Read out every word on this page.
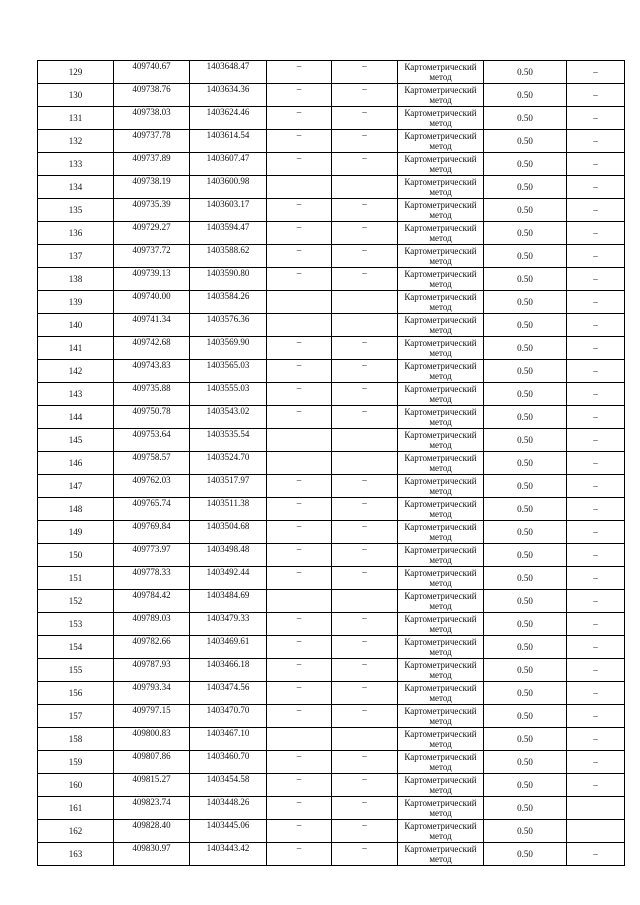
129	409740.67	1403648.47	–	–	Картометрический метод	0.50	–
130	409738.76	1403634.36	–	–	Картометрический метод	0.50	–
131	409738.03	1403624.46	–	–	Картометрический метод	0.50	–
132	409737.78	1403614.54	–	–	Картометрический метод	0.50	–
133	409737.89	1403607.47	–	–	Картометрический метод	0.50	–
134	409738.19	1403600.98			Картометрический метод	0.50	–
135	409735.39	1403603.17	–	–	Картометрический метод	0.50	–
136	409729.27	1403594.47	–	–	Картометрический метод	0.50	–
137	409737.72	1403588.62	–	–	Картометрический метод	0.50	–
138	409739.13	1403590.80	–	–	Картометрический метод	0.50	–
139	409740.00	1403584.26			Картометрический метод	0.50	–
140	409741.34	1403576.36			Картометрический метод	0.50	–
141	409742.68	1403569.90	–	–	Картометрический метод	0.50	–
142	409743.83	1403565.03	–	–	Картометрический метод	0.50	–
143	409735.88	1403555.03	–	–	Картометрический метод	0.50	–
144	409750.78	1403543.02	–	–	Картометрический метод	0.50	–
145	409753.64	1403535.54			Картометрический метод	0.50	–
146	409758.57	1403524.70			Картометрический метод	0.50	–
147	409762.03	1403517.97	–	–	Картометрический метод	0.50	–
148	409765.74	1403511.38	–	–	Картометрический метод	0.50	–
149	409769.84	1403504.68	–	–	Картометрический метод	0.50	–
150	409773.97	1403498.48	–	–	Картометрический метод	0.50	–
151	409778.33	1403492.44	–	–	Картометрический метод	0.50	–
152	409784.42	1403484.69			Картометрический метод	0.50	–
153	409789.03	1403479.33	–	–	Картометрический метод	0.50	–
154	409782.66	1403469.61	–	–	Картометрический метод	0.50	–
155	409787.93	1403466.18	–	–	Картометрический метод	0.50	–
156	409793.34	1403474.56	–	–	Картометрический метод	0.50	–
157	409797.15	1403470.70	–	–	Картометрический метод	0.50	–
158	409800.83	1403467.10			Картометрический метод	0.50	–
159	409807.86	1403460.70	–	–	Картометрический метод	0.50	–
160	409815.27	1403454.58	–	–	Картометрический метод	0.50	–
161	409823.74	1403448.26	–	–	Картометрический метод	0.50	
162	409828.40	1403445.06	–	–	Картометрический метод	0.50	
163	409830.97	1403443.42	–	–	Картометрический метод	0.50	–
